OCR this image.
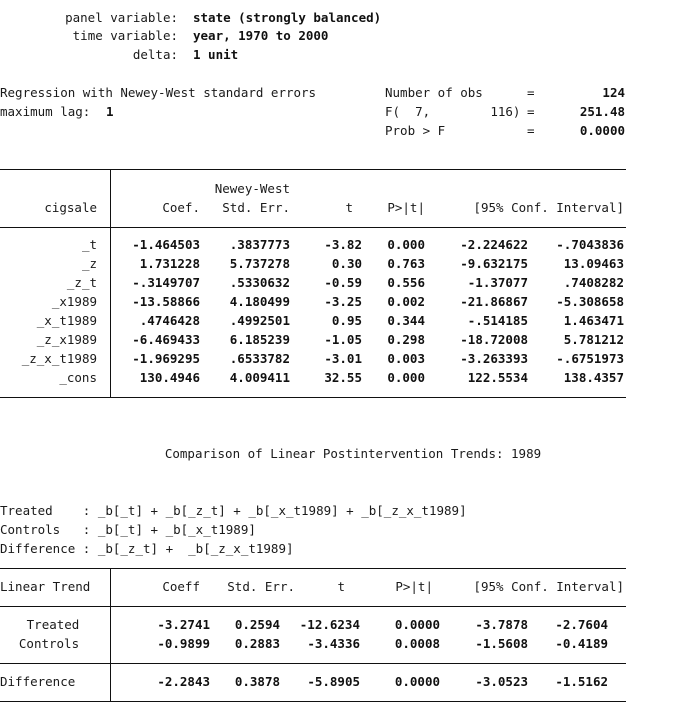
panel variable: state (strongly balanced)
time variable: year, 1970 to 2000
delta: 1 unit
Regression with Newey-West standard errors
maximum lag: 1
Number of obs	=	124
F(  7,        116) =	251.48
Prob > F	=	0.0000
cigsale	Coef.
Newey-West
Std. Err.	t	P>|t|	[95% Conf. Interval]
_t	-1.464503	.3837773	-3.82	0.000	-2.224622	-.7043836
_z	1.731228	5.737278	0.30	0.763	-9.632175	13.09463
_z_t	-.3149707	.5330632	-0.59	0.556	-1.37077	.7408282
_x1989	-13.58866	4.180499	-3.25	0.002	-21.86867	-5.308658
_x_t1989	.4746428	.4992501	0.95	0.344	-.514185	1.463471
_z_x1989	-6.469433	6.185239	-1.05	0.298	-18.72008	5.781212
_z_x_t1989	-1.969295	.6533782	-3.01	0.003	-3.263393	-.6751973
_cons	130.4946	4.009411	32.55	0.000	122.5534	138.4357
Comparison of Linear Postintervention Trends: 1989
Treated    : _b[_t] + _b[_z_t] + _b[_x_t1989] + _b[_z_x_t1989]
Controls   : _b[_t] + _b[_x_t1989]
Difference : _b[_z_t] +  _b[_z_x_t1989]
Linear Trend	Coeff	Std. Err.	t	P>|t|	[95% Conf. Interval]
Treated	-3.2741	0.2594	-12.6234	0.0000	-3.7878	-2.7604
Controls	-0.9899	0.2883	-3.4336	0.0008	-1.5608	-0.4189
Difference	-2.2843	0.3878	-5.8905	0.0000	-3.0523	-1.5162
